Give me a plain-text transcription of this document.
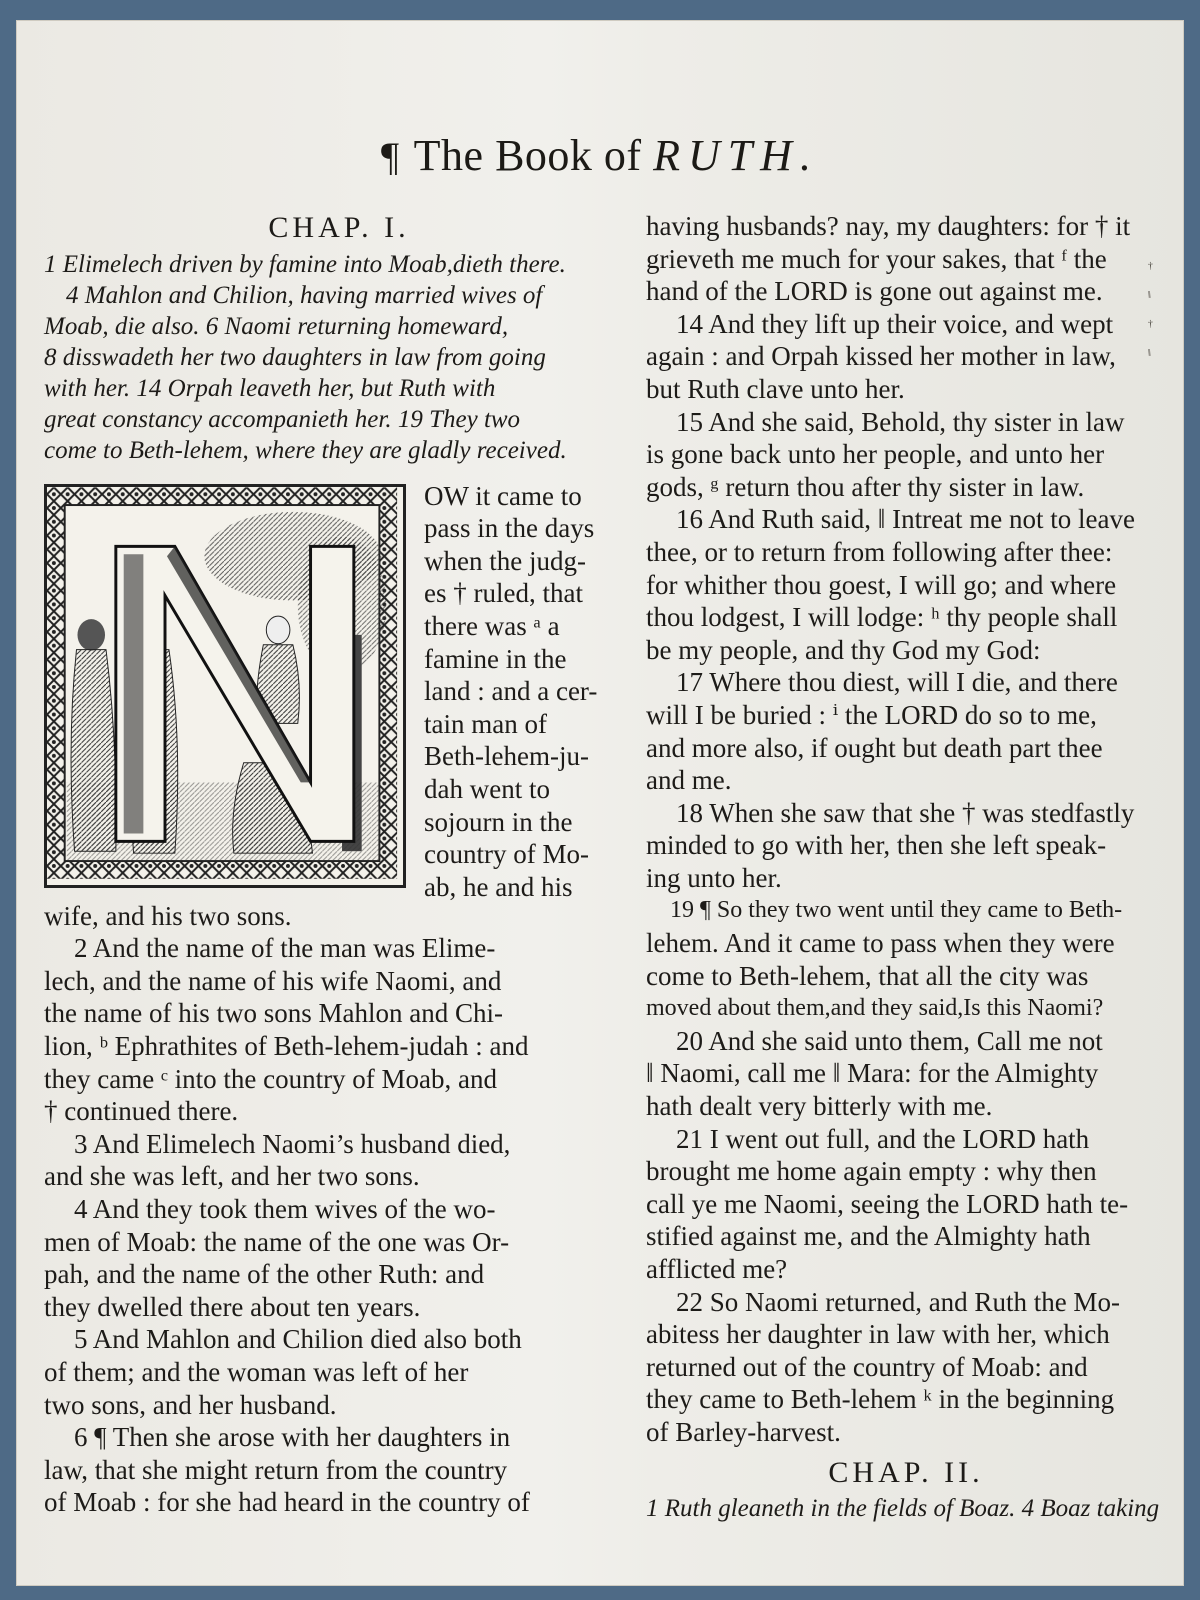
¶ The Book of RUTH.
CHAP. I.
1 Elimelech driven by famine into Moab,dieth there.
4 Mahlon and Chilion, having married wives of
Moab, die also. 6 Naomi returning homeward,
8 disswadeth her two daughters in law from going
with her. 14 Orpah leaveth her, but Ruth with
great constancy accompanieth her. 19 They two
come to Beth-lehem, where they are gladly received.
OW it came to
pass in the days
when the judg-
es † ruled, that
there was ᵃ a
famine in the
land : and a cer-
tain man of
Beth-lehem-ju-
dah went to
sojourn in the
country of Mo-
ab, he and his
wife, and his two sons.
2 And the name of the man was Elime-
lech, and the name of his wife Naomi, and
the name of his two sons Mahlon and Chi-
lion, ᵇ Ephrathites of Beth-lehem-judah : and
they came ᶜ into the country of Moab, and
† continued there.
3 And Elimelech Naomi’s husband died,
and she was left, and her two sons.
4 And they took them wives of the wo-
men of Moab: the name of the one was Or-
pah, and the name of the other Ruth: and
they dwelled there about ten years.
5 And Mahlon and Chilion died also both
of them; and the woman was left of her
two sons, and her husband.
6 ¶ Then she arose with her daughters in
law, that she might return from the country
of Moab : for she had heard in the country of
having husbands? nay, my daughters: for † it
grieveth me much for your sakes, that ᶠ the
hand of the LORD is gone out against me.
14 And they lift up their voice, and wept
again : and Orpah kissed her mother in law,
but Ruth clave unto her.
15 And she said, Behold, thy sister in law
is gone back unto her people, and unto her
gods, ᵍ return thou after thy sister in law.
16 And Ruth said, ‖ Intreat me not to leave
thee, or to return from following after thee:
for whither thou goest, I will go; and where
thou lodgest, I will lodge: ʰ thy people shall
be my people, and thy God my God:
17 Where thou diest, will I die, and there
will I be buried : ⁱ the LORD do so to me,
and more also, if ought but death part thee
and me.
18 When she saw that she † was stedfastly
minded to go with her, then she left speak-
ing unto her.
19 ¶ So they two went until they came to Beth-
lehem. And it came to pass when they were
come to Beth-lehem, that all the city was
moved about them,and they said,Is this Naomi?
20 And she said unto them, Call me not
‖ Naomi, call me ‖ Mara: for the Almighty
hath dealt very bitterly with me.
21 I went out full, and the LORD hath
brought me home again empty : why then
call ye me Naomi, seeing the LORD hath te-
stified against me, and the Almighty hath
afflicted me?
22 So Naomi returned, and Ruth the Mo-
abitess her daughter in law with her, which
returned out of the country of Moab: and
they came to Beth-lehem ᵏ in the beginning
of Barley-harvest.
CHAP. II.
1 Ruth gleaneth in the fields of Boaz. 4 Boaz taking
†
‖
†
‖
